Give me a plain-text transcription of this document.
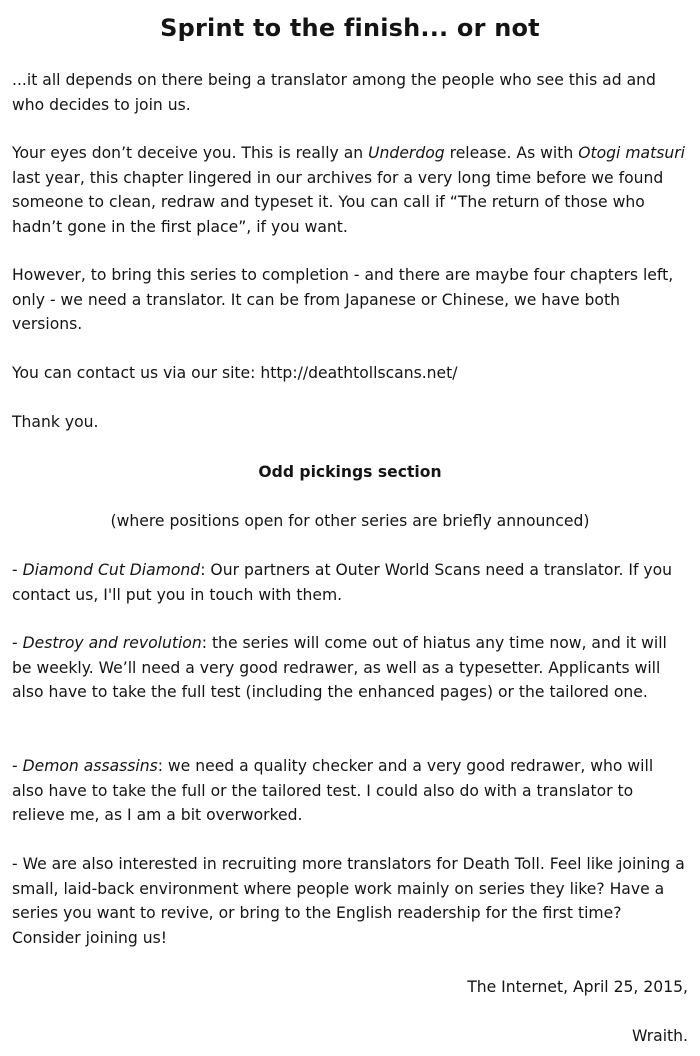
Sprint to the finish... or not

...it all depends on there being a translator among the people who see this ad and who decides to join us.

Your eyes don’t deceive you. This is really an Underdog release. As with Otogi matsuri last year, this chapter lingered in our archives for a very long time before we found someone to clean, redraw and typeset it. You can call if “The return of those who hadn’t gone in the first place”, if you want.

However, to bring this series to completion - and there are maybe four chapters left, only - we need a translator. It can be from Japanese or Chinese, we have both versions.

You can contact us via our site: http://deathtollscans.net/

Thank you.

Odd pickings section
(where positions open for other series are briefly announced)

- Diamond Cut Diamond: Our partners at Outer World Scans need a translator. If you contact us, I'll put you in touch with them.

- Destroy and revolution: the series will come out of hiatus any time now, and it will be weekly. We’ll need a very good redrawer, as well as a typesetter. Applicants will also have to take the full test (including the enhanced pages) or the tailored one.

- Demon assassins: we need a quality checker and a very good redrawer, who will also have to take the full or the tailored test. I could also do with a translator to relieve me, as I am a bit overworked.

- We are also interested in recruiting more translators for Death Toll. Feel like joining a small, laid-back environment where people work mainly on series they like? Have a series you want to revive, or bring to the English readership for the first time? Consider joining us!

The Internet, April 25, 2015,
Wraith.
